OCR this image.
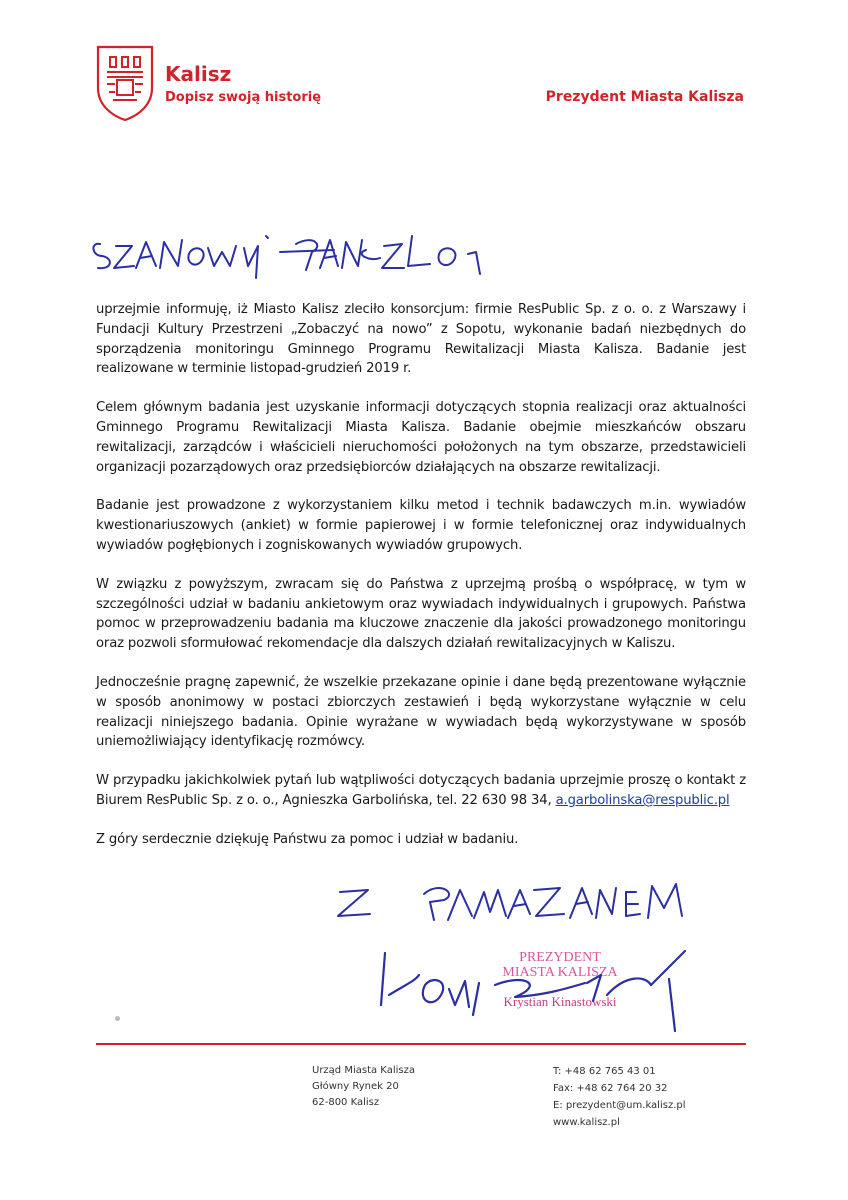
Kalisz
Dopisz swoją historię	Prezydent Miasta Kalisza

uprzejmie informuję, iż Miasto Kalisz zleciło konsorcjum: firmie ResPublic Sp. z o. o. z Warszawy i Fundacji Kultury Przestrzeni „Zobaczyć na nowo” z Sopotu, wykonanie badań niezbędnych do sporządzenia monitoringu Gminnego Programu Rewitalizacji Miasta Kalisza. Badanie jest realizowane w terminie listopad-grudzień 2019 r.

Celem głównym badania jest uzyskanie informacji dotyczących stopnia realizacji oraz aktualności Gminnego Programu Rewitalizacji Miasta Kalisza. Badanie obejmie mieszkańców obszaru rewitalizacji, zarządców i właścicieli nieruchomości położonych na tym obszarze, przedstawicieli organizacji pozarządowych oraz przedsiębiorców działających na obszarze rewitalizacji.

Badanie jest prowadzone z wykorzystaniem kilku metod i technik badawczych m.in. wywiadów kwestionariuszowych (ankiet) w formie papierowej i w formie telefonicznej oraz indywidualnych wywiadów pogłębionych i zogniskowanych wywiadów grupowych.

W związku z powyższym, zwracam się do Państwa z uprzejmą prośbą o współpracę, w tym w szczególności udział w badaniu ankietowym oraz wywiadach indywidualnych i grupowych. Państwa pomoc w przeprowadzeniu badania ma kluczowe znaczenie dla jakości prowadzonego monitoringu oraz pozwoli sformułować rekomendacje dla dalszych działań rewitalizacyjnych w Kaliszu.

Jednocześnie pragnę zapewnić, że wszelkie przekazane opinie i dane będą prezentowane wyłącznie w sposób anonimowy w postaci zbiorczych zestawień i będą wykorzystane wyłącznie w celu realizacji niniejszego badania. Opinie wyrażane w wywiadach będą wykorzystywane w sposób uniemożliwiający identyfikację rozmówcy.

W przypadku jakichkolwiek pytań lub wątpliwości dotyczących badania uprzejmie proszę o kontakt z Biurem ResPublic Sp. z o. o., Agnieszka Garbolińska, tel. 22 630 98 34, a.garbolinska@respublic.pl

Z góry serdecznie dziękuję Państwu za pomoc i udział w badaniu.

PREZYDENT
MIASTA KALISZA
Krystian Kinastowski
Urząd Miasta Kalisza
Główny Rynek 20
62-800 Kalisz
T: +48 62 765 43 01
Fax: +48 62 764 20 32
E: prezydent@um.kalisz.pl
www.kalisz.pl
